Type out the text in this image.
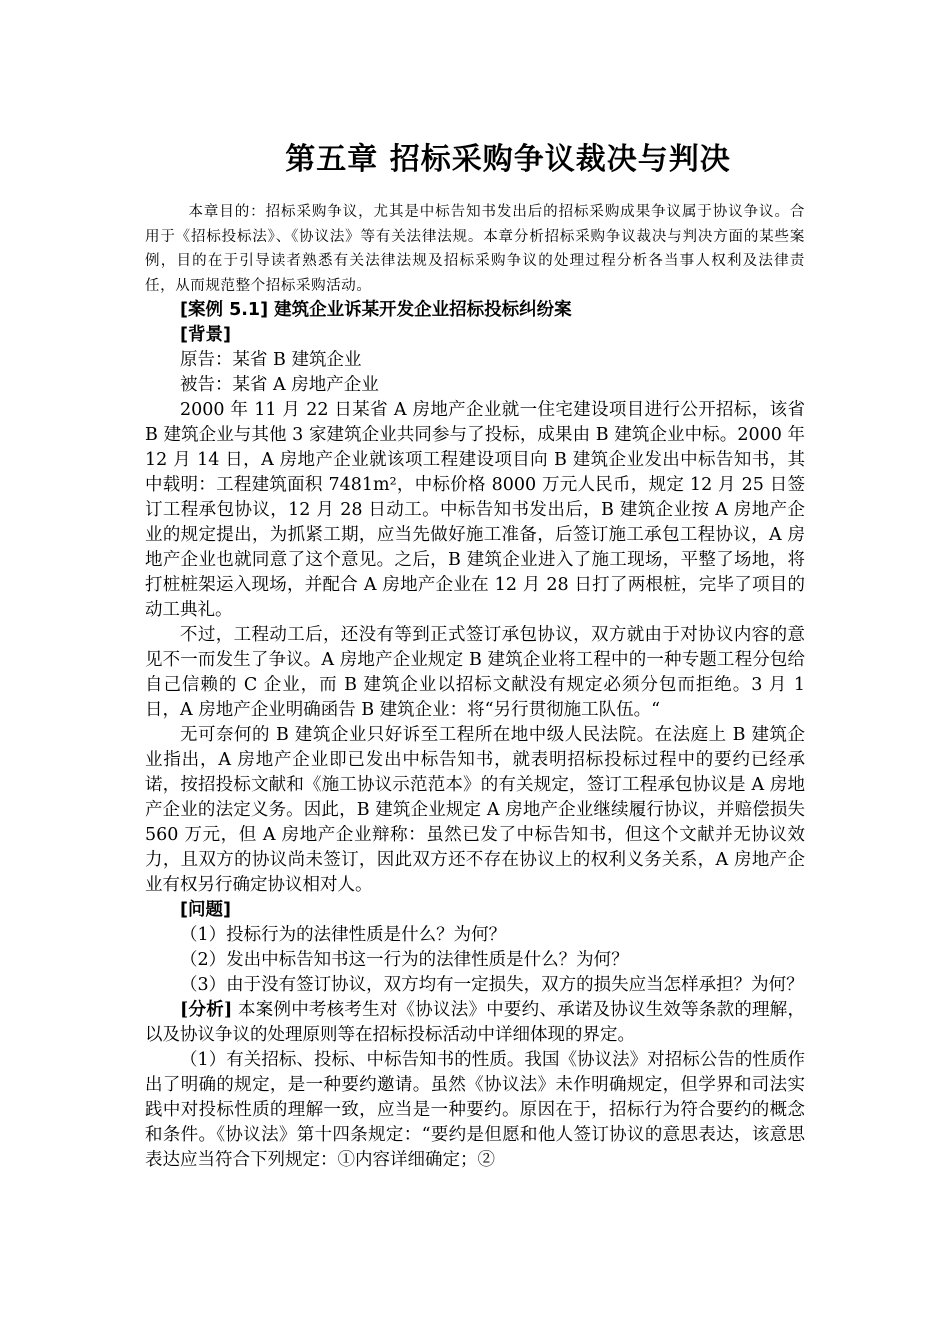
第五章 招标采购争议裁决与判决

本章目的：招标采购争议，尤其是中标告知书发出后的招标采购成果争议属于协议争议。合用于《招标投标法》、《协议法》等有关法律法规。本章分析招标采购争议裁决与判决方面的某些案例，目的在于引导读者熟悉有关法律法规及招标采购争议的处理过程分析各当事人权利及法律责任，从而规范整个招标采购活动。

[案例 5.1] 建筑企业诉某开发企业招标投标纠纷案

[背景]

原告：某省 B 建筑企业

被告：某省 A 房地产企业

2000 年 11 月 22 日某省 A 房地产企业就一住宅建设项目进行公开招标，该省 B 建筑企业与其他 3 家建筑企业共同参与了投标，成果由 B 建筑企业中标。2000 年 12 月 14 日，A 房地产企业就该项工程建设项目向 B 建筑企业发出中标告知书，其中载明：工程建筑面积 7481m²，中标价格 8000 万元人民币，规定 12 月 25 日签订工程承包协议，12 月 28 日动工。中标告知书发出后，B 建筑企业按 A 房地产企业的规定提出，为抓紧工期，应当先做好施工准备，后签订施工承包工程协议，A 房地产企业也就同意了这个意见。之后，B 建筑企业进入了施工现场，平整了场地，将打桩桩架运入现场，并配合 A 房地产企业在 12 月 28 日打了两根桩，完毕了项目的动工典礼。

不过，工程动工后，还没有等到正式签订承包协议，双方就由于对协议内容的意见不一而发生了争议。A 房地产企业规定 B 建筑企业将工程中的一种专题工程分包给自己信赖的 C 企业，而 B 建筑企业以招标文献没有规定必须分包而拒绝。3 月 1 日，A 房地产企业明确函告 B 建筑企业：将“另行贯彻施工队伍。“

无可奈何的 B 建筑企业只好诉至工程所在地中级人民法院。在法庭上 B 建筑企业指出，A 房地产企业即已发出中标告知书，就表明招标投标过程中的要约已经承诺，按招投标文献和《施工协议示范范本》的有关规定，签订工程承包协议是 A 房地产企业的法定义务。因此，B 建筑企业规定 A 房地产企业继续履行协议，并赔偿损失 560 万元，但 A 房地产企业辩称：虽然已发了中标告知书，但这个文献并无协议效力，且双方的协议尚未签订，因此双方还不存在协议上的权利义务关系，A 房地产企业有权另行确定协议相对人。

[问题]

（1）投标行为的法律性质是什么？为何？

（2）发出中标告知书这一行为的法律性质是什么？为何？

（3）由于没有签订协议，双方均有一定损失，双方的损失应当怎样承担？为何？

[分析] 本案例中考核考生对《协议法》中要约、承诺及协议生效等条款的理解，以及协议争议的处理原则等在招标投标活动中详细体现的界定。

（1）有关招标、投标、中标告知书的性质。我国《协议法》对招标公告的性质作出了明确的规定，是一种要约邀请。虽然《协议法》未作明确规定，但学界和司法实践中对投标性质的理解一致，应当是一种要约。原因在于，招标行为符合要约的概念和条件。《协议法》第十四条规定：“要约是但愿和他人签订协议的意思表达，该意思表达应当符合下列规定：①内容详细确定；②
